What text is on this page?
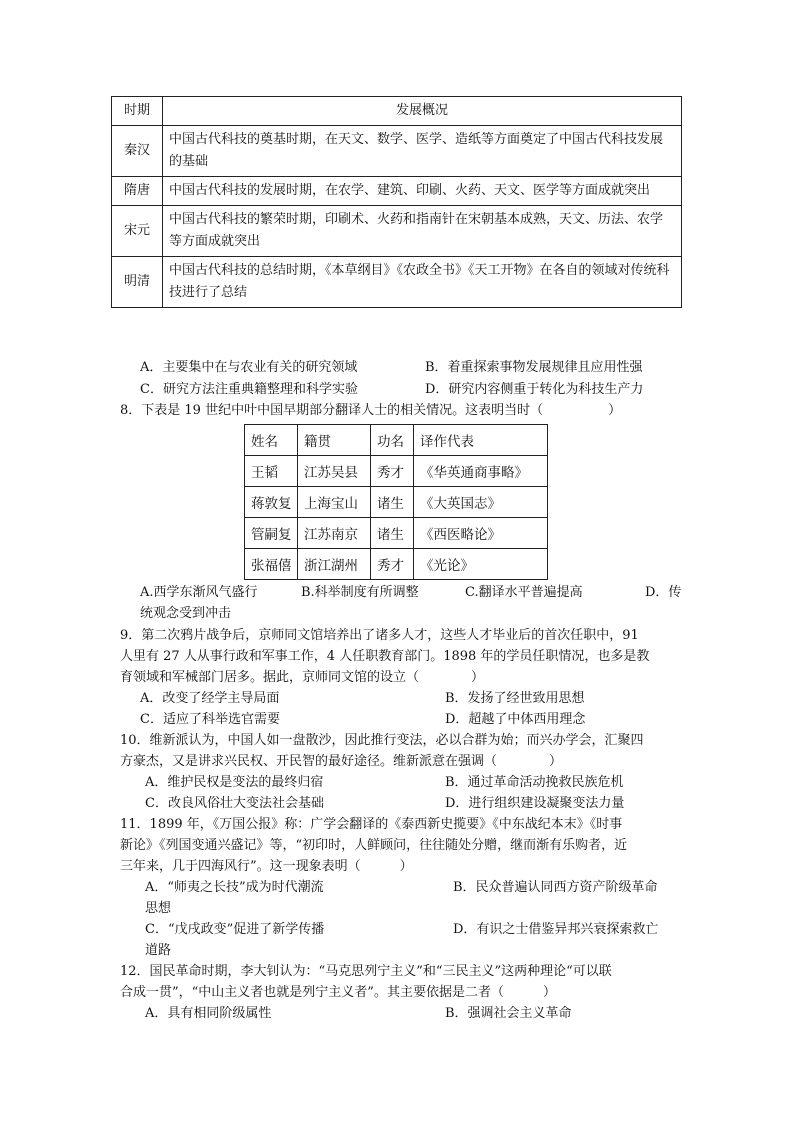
时期	发展概况
秦汉	中国古代科技的奠基时期，在天文、数学、医学、造纸等方面奠定了中国古代科技发展的基础
隋唐	中国古代科技的发展时期，在农学、建筑、印刷、火药、天文、医学等方面成就突出
宋元	中国古代科技的繁荣时期，印刷术、火药和指南针在宋朝基本成熟，天文、历法、农学等方面成就突出
明清	中国古代科技的总结时期，《本草纲目》《农政全书》《天工开物》在各自的领域对传统科技进行了总结
A．主要集中在与农业有关的研究领域	B．着重探索事物发展规律且应用性强
C．研究方法注重典籍整理和科学实验	D．研究内容侧重于转化为科技生产力
8．下表是 19 世纪中叶中国早期部分翻译人士的相关情况。这表明当时（　　　　　）
姓名	籍贯	功名	译作代表
王韬	江苏吴县	秀才	《华英通商事略》
蒋敦复	上海宝山	诸生	《大英国志》
管嗣复	江苏南京	诸生	《西医略论》
张福僖	浙江湖州	秀才	《光论》
A.西学东渐风气盛行	B.科举制度有所调整	C.翻译水平普遍提高	D．传
统观念受到冲击
9．第二次鸦片战争后，京师同文馆培养出了诸多人才，这些人才毕业后的首次任职中，91
人里有 27 人从事行政和军事工作，4 人任职教育部门。1898 年的学员任职情况，也多是教
育领域和军械部门居多。据此，京师同文馆的设立（　　　　）
A．改变了经学主导局面	B．发扬了经世致用思想
C．适应了科举选官需要	D．超越了中体西用理念
10．维新派认为，中国人如一盘散沙，因此推行变法，必以合群为始；而兴办学会，汇聚四
方豪杰，又是讲求兴民权、开民智的最好途径。维新派意在强调（　　　　）
A．维护民权是变法的最终归宿	B．通过革命活动挽救民族危机
C．改良风俗壮大变法社会基础	D．进行组织建设凝聚变法力量
11．1899 年，《万国公报》称：广学会翻译的《泰西新史揽要》《中东战纪本末》《时事
新论》《列国变通兴盛记》等，“初印时，人鲜顾问，往往随处分赠，继而渐有乐购者，近
三年来，几于四海风行”。这一现象表明（　　　）
A．“师夷之长技”成为时代潮流	B．民众普遍认同西方资产阶级革命
思想
C．“戊戌政变”促进了新学传播	D．有识之士借鉴异邦兴衰探索救亡
道路
12．国民革命时期，李大钊认为：“马克思列宁主义”和“三民主义”这两种理论“可以联
合成一贯”，“中山主义者也就是列宁主义者”。其主要依据是二者（　　　）
A．具有相同阶级属性	B．强调社会主义革命
